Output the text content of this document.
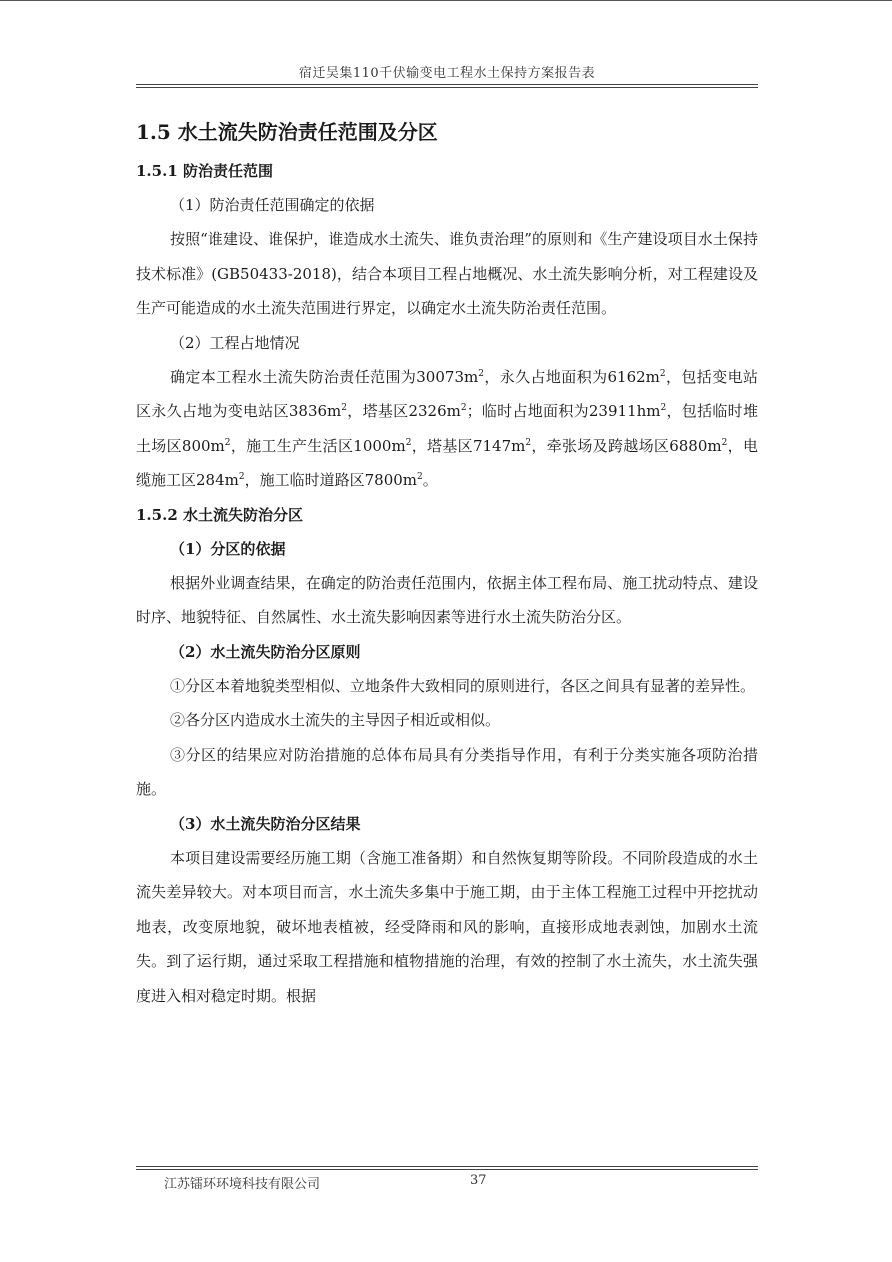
宿迁吴集110千伏输变电工程水土保持方案报告表
1.5 水土流失防治责任范围及分区
1.5.1 防治责任范围
（1）防治责任范围确定的依据

按照“谁建设、谁保护，谁造成水土流失、谁负责治理”的原则和《生产建设项目水土保持技术标准》(GB50433-2018)，结合本项目工程占地概况、水土流失影响分析，对工程建设及生产可能造成的水土流失范围进行界定，以确定水土流失防治责任范围。

（2）工程占地情况

确定本工程水土流失防治责任范围为$30073m^2$，永久占地面积为$6162m^2$，包括变电站区永久占地为变电站区$3836m^2$，塔基区$2326m^2$；临时占地面积为$23911hm^2$，包括临时堆土场区$800m^2$，施工生产生活区$1000m^2$，塔基区$7147m^2$，牵张场及跨越场区$6880m^2$，电缆施工区$284m^2$，施工临时道路区$7800m^2$。

1.5.2 水土流失防治分区
（1）分区的依据

根据外业调查结果，在确定的防治责任范围内，依据主体工程布局、施工扰动特点、建设时序、地貌特征、自然属性、水土流失影响因素等进行水土流失防治分区。

（2）水土流失防治分区原则

①分区本着地貌类型相似、立地条件大致相同的原则进行，各区之间具有显著的差异性。

②各分区内造成水土流失的主导因子相近或相似。

③分区的结果应对防治措施的总体布局具有分类指导作用，有利于分类实施各项防治措施。

（3）水土流失防治分区结果

本项目建设需要经历施工期（含施工准备期）和自然恢复期等阶段。不同阶段造成的水土流失差异较大。对本项目而言，水土流失多集中于施工期，由于主体工程施工过程中开挖扰动地表，改变原地貌，破坏地表植被，经受降雨和风的影响，直接形成地表剥蚀，加剧水土流失。到了运行期，通过采取工程措施和植物措施的治理，有效的控制了水土流失，水土流失强度进入相对稳定时期。根据

江苏镭环环境科技有限公司	37
